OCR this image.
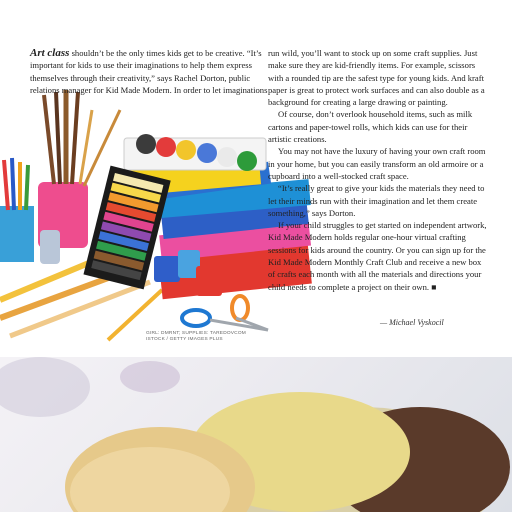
Art class shouldn’t be the only times kids get to be creative. “It’s important for kids to use their imaginations to help them express themselves through their creativity,” says Rachel Dorton, public relations manager for Kid Made Modern. In order to let imaginations

run wild, you’ll want to stock up on some craft supplies. Just make sure they are kid-friendly items. For example, scissors with a rounded tip are the safest type for young kids. And kraft paper is great to protect work surfaces and can also double as a background for creating a large drawing or painting.

Of course, don’t overlook household items, such as milk cartons and paper-towel rolls, which kids can use for their artistic creations.

You may not have the luxury of having your own craft room in your home, but you can easily transform an old armoire or a cupboard into a well-stocked craft space.

“It’s really great to give your kids the materials they need to let their minds run with their imagination and let them create something,” says Dorton.

If your child struggles to get started on independent artwork, Kid Made Modern holds regular one-hour virtual crafting sessions for kids around the country. Or you can sign up for the Kid Made Modern Monthly Craft Club and receive a new box of crafts each month with all the materials and directions your child needs to complete a project on their own. ■

— Michael Vyskocil
GIRL: DMRNT; SUPPLIES: TAREDOVCOM
ISTOCK / GETTY IMAGES PLUS
